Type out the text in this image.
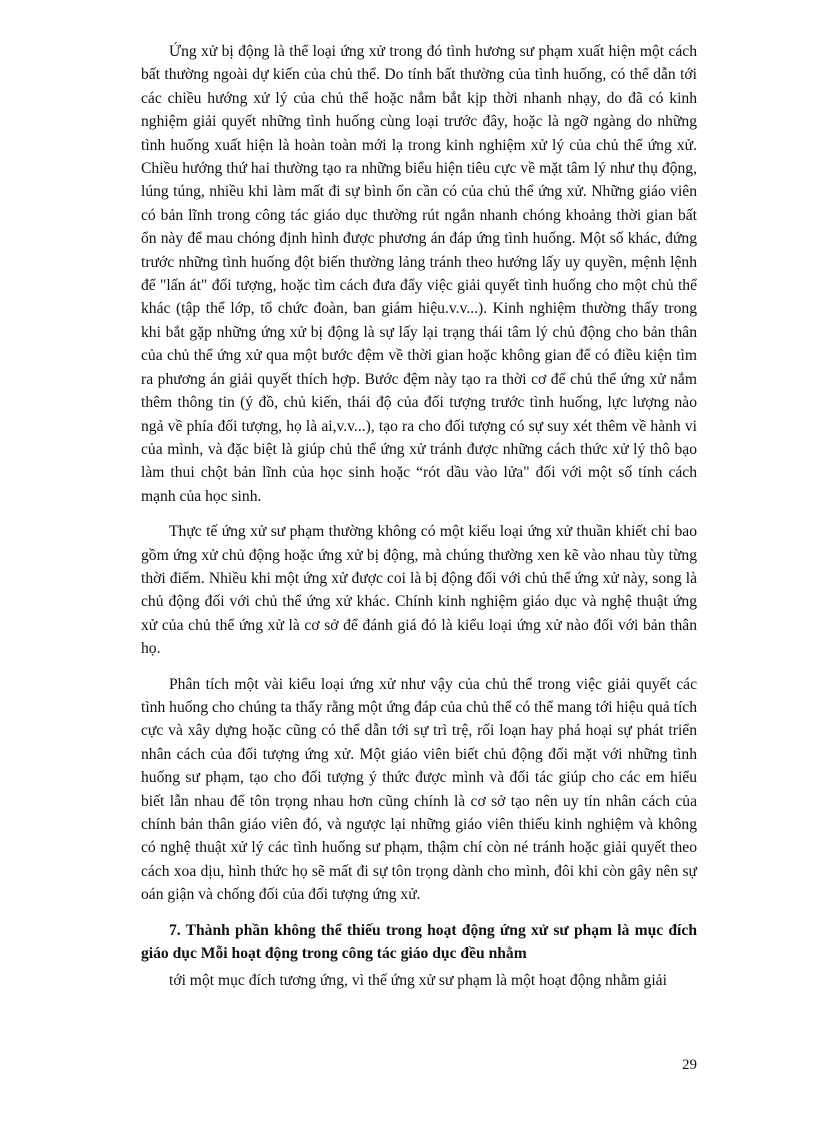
Ứng xử bị động là thể loại ứng xử trong đó tình hương sư phạm xuất hiện một cách bất thường ngoài dự kiến của chủ thể. Do tính bất thường của tình huống, có thể dẫn tới các chiều hướng xử lý của chủ thể hoặc nắm bắt kịp thời nhanh nhạy, do đã có kinh nghiệm giải quyết những tình huống cùng loại trước đây, hoặc là ngỡ ngàng do những tình huống xuất hiện là hoàn toàn mới lạ trong kinh nghiệm xử lý của chủ thể ứng xử. Chiều hướng thứ hai thường tạo ra những biểu hiện tiêu cực về mặt tâm lý như thụ động, lúng túng, nhiều khi làm mất đi sự bình ổn cần có của chủ thể ứng xử. Những giáo viên có bản lĩnh trong công tác giáo dục thường rút ngắn nhanh chóng khoảng thời gian bất ổn này để mau chóng định hình được phương án đáp ứng tình huống. Một số khác, đứng trước những tình huống đột biến thường lảng tránh theo hướng lấy uy quyền, mệnh lệnh để "lấn át" đối tượng, hoặc tìm cách đưa đẩy việc giải quyết tình huống cho một chủ thể khác (tập thể lớp, tổ chức đoàn, ban giám hiệu.v.v...). Kinh nghiệm thường thấy trong khi bắt gặp những ứng xử bị động là sự lấy lại trạng thái tâm lý chủ động cho bản thân của chủ thể ứng xử qua một bước đệm về thời gian hoặc không gian để có điều kiện tìm ra phương án giải quyết thích hợp. Bước đệm này tạo ra thời cơ để chủ thể ứng xử nắm thêm thông tin (ý đồ, chủ kiến, thái độ của đối tượng trước tình huống, lực lượng nào ngả về phía đối tượng, họ là ai,v.v...), tạo ra cho đối tượng có sự suy xét thêm về hành vi của mình, và đặc biệt là giúp chủ thể ứng xử tránh được những cách thức xử lý thô bạo làm thui chột bản lĩnh của học sinh hoặc “rót dầu vào lửa" đối với một số tính cách mạnh của học sinh.

Thực tế ứng xử sư phạm thường không có một kiểu loại ứng xử thuần khiết chỉ bao gồm ứng xử chủ động hoặc ứng xử bị động, mà chúng thường xen kẽ vào nhau tùy từng thời điểm. Nhiều khi một ứng xử được coi là bị động đối với chủ thể ứng xử này, song là chủ động đối với chủ thể ứng xử khác. Chính kinh nghiệm giáo dục và nghệ thuật ứng xử của chủ thể ứng xử là cơ sở để đánh giá đó là kiểu loại ứng xử nào đối với bản thân họ.

Phân tích một vài kiểu loại ứng xử như vậy của chủ thể trong việc giải quyết các tình huống cho chúng ta thấy rằng một ứng đáp của chủ thể có thể mang tới hiệu quả tích cực và xây dựng hoặc cũng có thể dẫn tới sự trì trệ, rối loạn hay phá hoại sự phát triển nhân cách của đối tượng ứng xử. Một giáo viên biết chủ động đối mặt với những tình huống sư phạm, tạo cho đối tượng ý thức được mình và đối tác giúp cho các em hiểu biết lẫn nhau để tôn trọng nhau hơn cũng chính là cơ sở tạo nên uy tín nhân cách của chính bản thân giáo viên đó, và ngược lại những giáo viên thiếu kinh nghiệm và không có nghệ thuật xử lý các tình huống sư phạm, thậm chí còn né tránh hoặc giải quyết theo cách xoa dịu, hình thức họ sẽ mất đi sự tôn trọng dành cho mình, đôi khi còn gây nên sự oán giận và chống đối của đối tượng ứng xử.

7. Thành phần không thể thiếu trong hoạt động ứng xử sư phạm là mục đích giáo dục Mỗi hoạt động trong công tác giáo dục đều nhằm

tới một mục đích tương ứng, vì thế ứng xử sư phạm là một hoạt động nhằm giải

29
